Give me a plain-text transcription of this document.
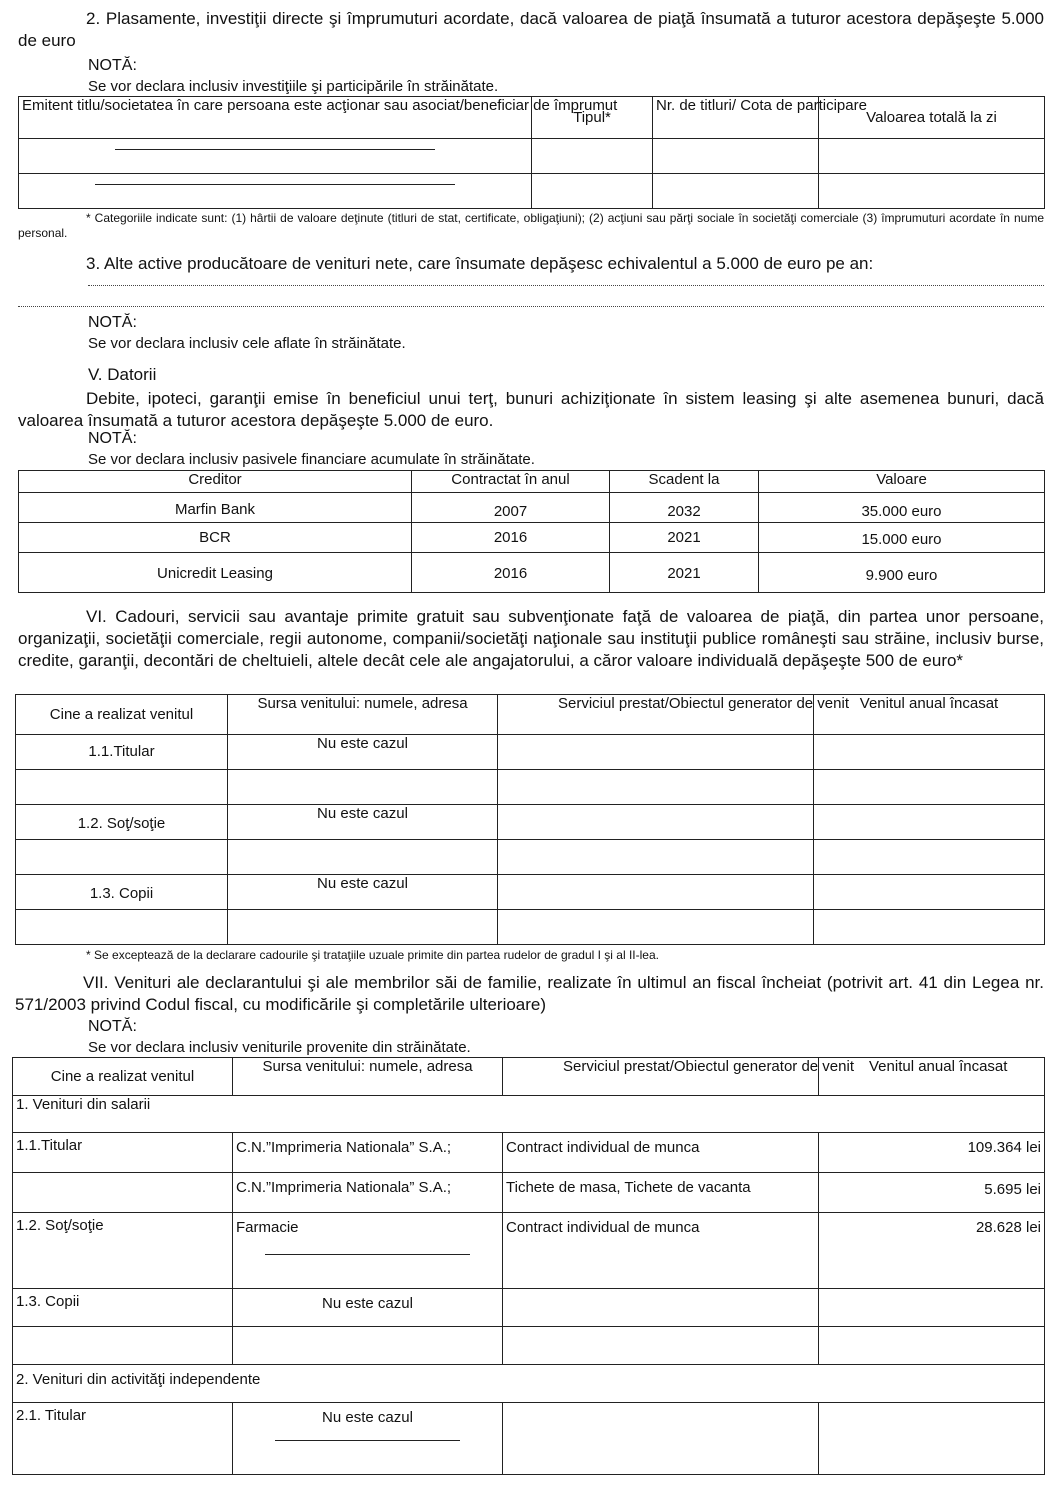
2. Plasamente, investiţii directe şi împrumuturi acordate, dacă valoarea de piaţă însumată a tuturor acestora depăşeşte 5.000 de euro
NOTĂ:
Se vor declara inclusiv investiţiile şi participările în străinătate.
Emitent titlu/societatea în care persoana este acţionar sau asociat/beneficiar de împrumut	Tipul*	Nr. de titluri/ Cota de participare	Valoarea totală la zi

* Categoriile indicate sunt: (1) hârtii de valoare deţinute (titluri de stat, certificate, obligaţiuni); (2) acţiuni sau părţi sociale în societăţi comerciale (3) împrumuturi acordate în nume personal.
3. Alte active producătoare de venituri nete, care însumate depăşesc echivalentul a 5.000 de euro pe an:
NOTĂ:
Se vor declara inclusiv cele aflate în străinătate.
V. Datorii
Debite, ipoteci, garanţii emise în beneficiul unui terţ, bunuri achiziţionate în sistem leasing şi alte asemenea bunuri, dacă valoarea însumată a tuturor acestora depăşeşte 5.000 de euro.
NOTĂ:
Se vor declara inclusiv pasivele financiare acumulate în străinătate.
Creditor	Contractat în anul	Scadent la	Valoare
Marfin Bank	2007	2032	35.000 euro
BCR	2016	2021	15.000 euro
Unicredit Leasing	2016	2021	9.900 euro
VI. Cadouri, servicii sau avantaje primite gratuit sau subvenţionate faţă de valoarea de piaţă, din partea unor persoane, organizaţii, societăţii comerciale, regii autonome, companii/societăţi naţionale sau instituţii publice româneşti sau străine, inclusiv burse, credite, garanţii, decontări de cheltuieli, altele decât cele ale angajatorului, a căror valoare individuală depăşeşte 500 de euro*
Cine a realizat venitul	Sursa venitului: numele, adresa	Serviciul prestat/Obiectul generator de venit	Venitul anual încasat
1.1.Titular	Nu este cazul		

1.2. Soţ/soţie	Nu este cazul		

1.3. Copii	Nu este cazul		

* Se exceptează de la declarare cadourile şi trataţiile uzuale primite din partea rudelor de gradul I şi al II-lea.
VII. Venituri ale declarantului şi ale membrilor săi de familie, realizate în ultimul an fiscal încheiat (potrivit art. 41 din Legea nr. 571/2003 privind Codul fiscal, cu modificările şi completările ulterioare)
NOTĂ:
Se vor declara inclusiv veniturile provenite din străinătate.
Cine a realizat venitul	Sursa venitului: numele, adresa	Serviciul prestat/Obiectul generator de venit	Venitul anual încasat
1. Venituri din salarii			
1.1.Titular	C.N.”Imprimeria Nationala” S.A.;	Contract individual de munca	109.364 lei
	C.N.”Imprimeria Nationala” S.A.;	Tichete de masa, Tichete de vacanta	5.695 lei
1.2. Soţ/soţie	Farmacie	Contract individual de munca	28.628 lei
1.3. Copii	Nu este cazul		

2. Venituri din activităţi independente			
2.1. Titular	Nu este cazul
